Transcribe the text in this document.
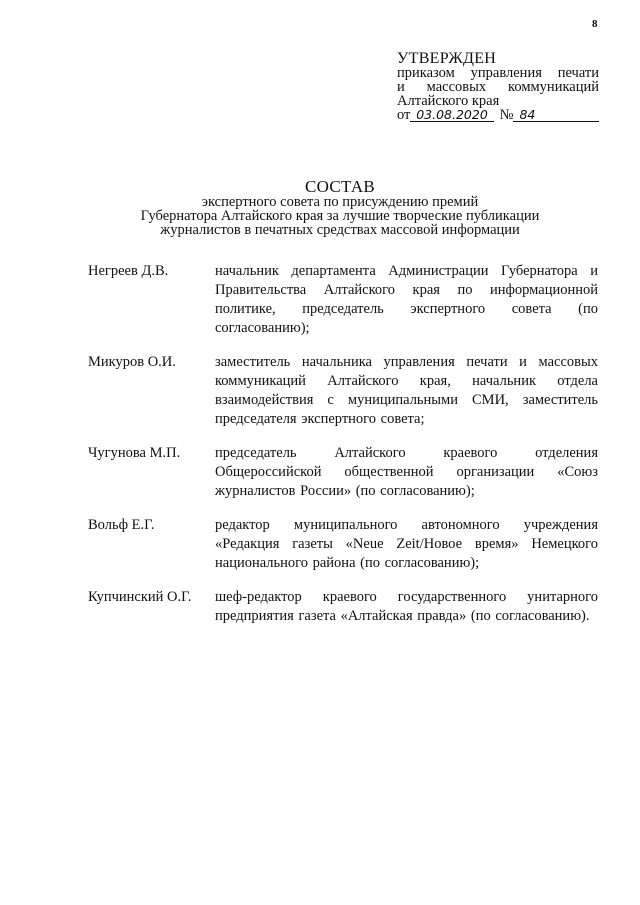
8
УТВЕРЖДЕН
приказом управления печати
и массовых коммуникаций
Алтайского края
от 03.08.2020 № 84
СОСТАВ
экспертного совета по присуждению премий
Губернатора Алтайского края за лучшие творческие публикации
журналистов в печатных средствах массовой информации
Негреев Д.В.	начальник департамента Администрации Губернатора и Правительства Алтайского края по информационной политике, председатель экспертного совета (по согласованию);
Микуров О.И.	заместитель начальника управления печати и массовых коммуникаций Алтайского края, начальник отдела взаимодействия с муниципальными СМИ, заместитель председателя экспертного совета;
Чугунова М.П.	председатель Алтайского краевого отделения Общероссийской общественной организации «Союз журналистов России» (по согласованию);
Вольф Е.Г.	редактор муниципального автономного учреждения «Редакция газеты «Neue Zeit/Новое время» Немецкого национального района (по согласованию);
Купчинский О.Г.	шеф-редактор краевого государственного унитарного предприятия газета «Алтайская правда» (по согласованию).
